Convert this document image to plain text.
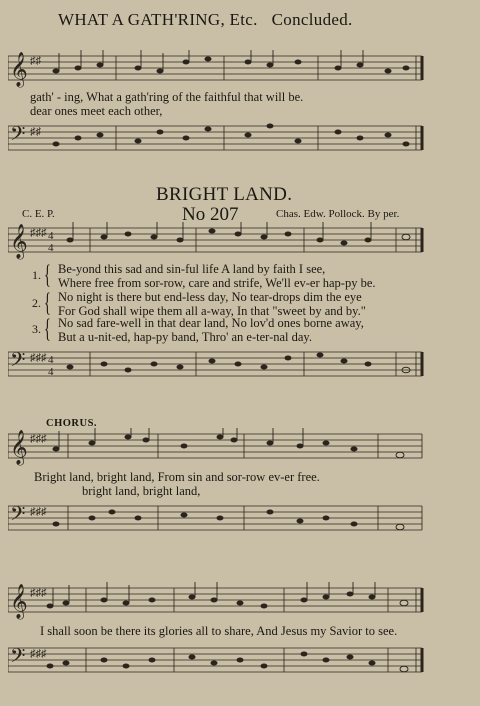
WHAT A GATH'RING, Etc. Concluded.
𝄞 ♯♯
gath' - ing, What a gath'ring of the faithful that will be.
dear ones meet each other,
𝄢 ♯♯
BRIGHT LAND.
C. E. P.	No 207	Chas. Edw. Pollock. By per.
𝄞 ♯♯♯ 4
4
1. { Be-yond this sad and sin-ful life A land by faith I see,
Where free from sor-row, care and strife, We'll ev-er hap-py be.
2. { No night is there but end-less day, No tear-drops dim the eye
For God shall wipe them all a-way, In that "sweet by and by."
3. { No sad fare-well in that dear land, No lov'd ones borne away,
But a u-nit-ed, hap-py band, Thro' an e-ter-nal day.
𝄢 ♯♯♯ 4
4
CHORUS.
𝄞 ♯♯♯
Bright land, bright land, From sin and sor-row ev-er free.
bright land, bright land,
𝄢 ♯♯♯
𝄞 ♯♯♯
I shall soon be there its glories all to share, And Jesus my Savior to see.
𝄢 ♯♯♯
